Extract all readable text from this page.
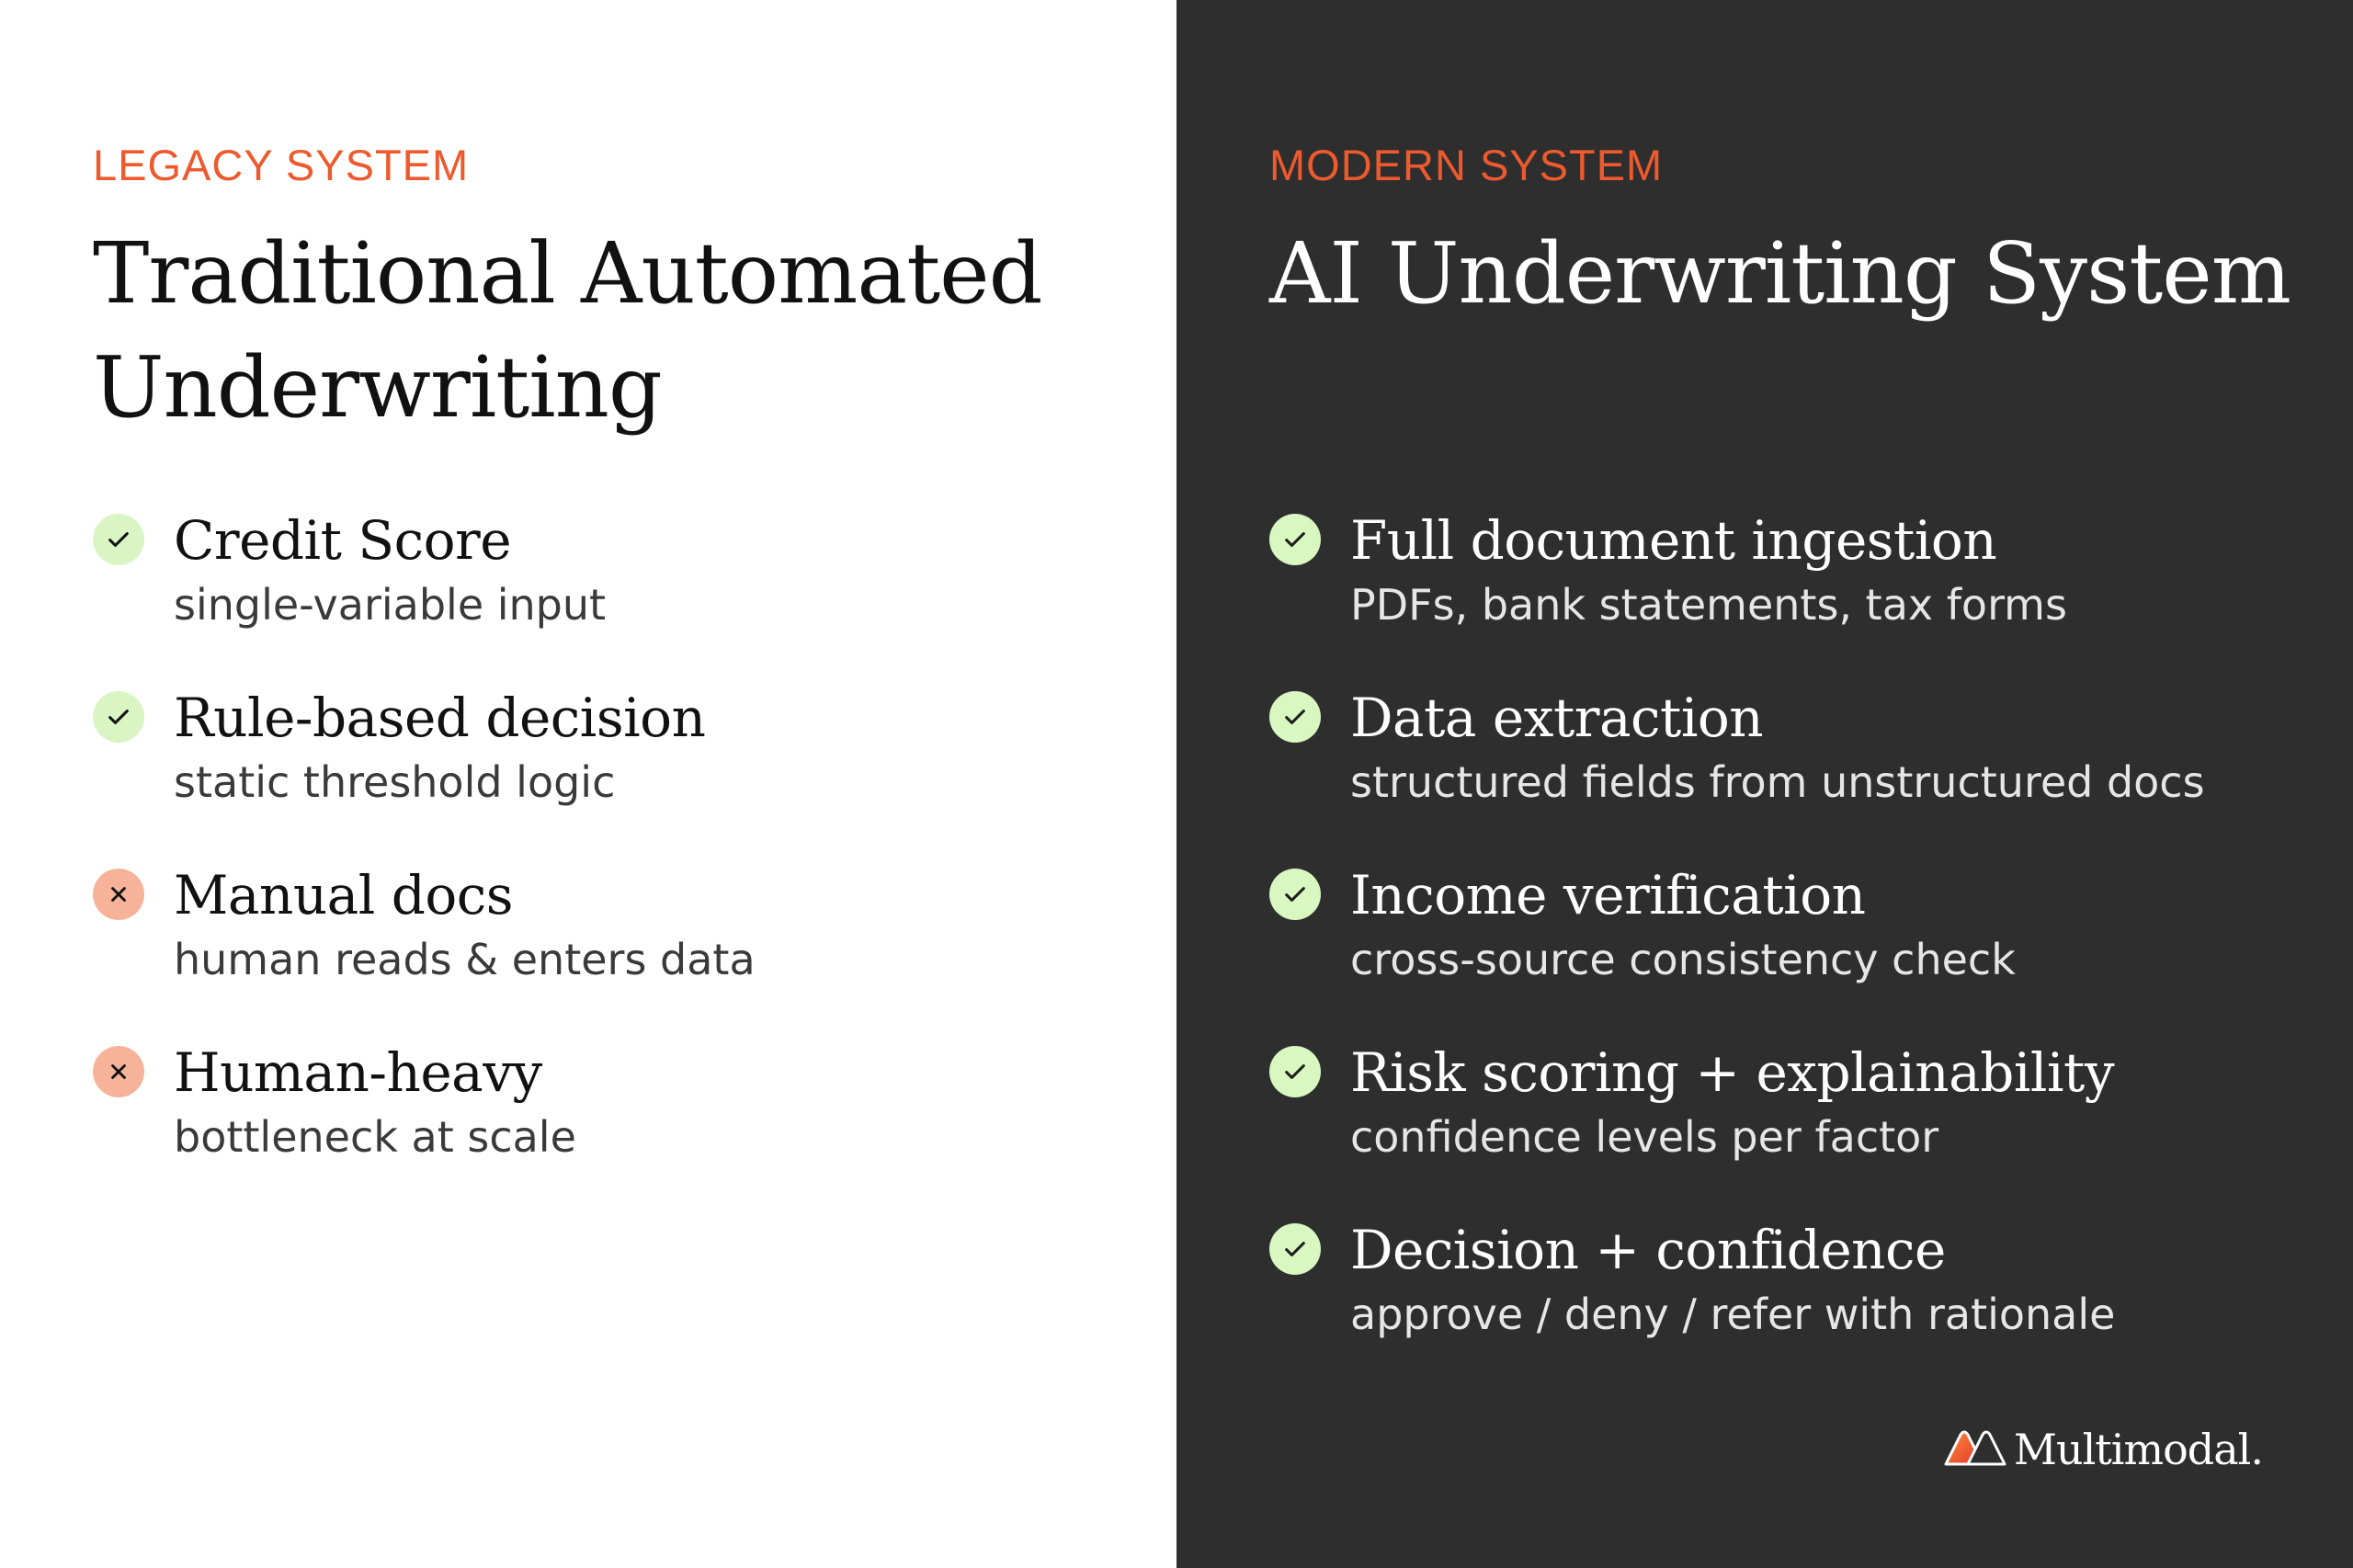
LEGACY SYSTEM
Traditional Automated
Underwriting
Credit Score
single-variable input
Rule-based decision
static threshold logic
Manual docs
human reads & enters data
Human-heavy
bottleneck at scale
MODERN SYSTEM
AI Underwriting System
Full document ingestion
PDFs, bank statements, tax forms
Data extraction
structured fields from unstructured docs
Income verification
cross-source consistency check
Risk scoring + explainability
confidence levels per factor
Decision + confidence
approve / deny / refer with rationale
Multimodal.
